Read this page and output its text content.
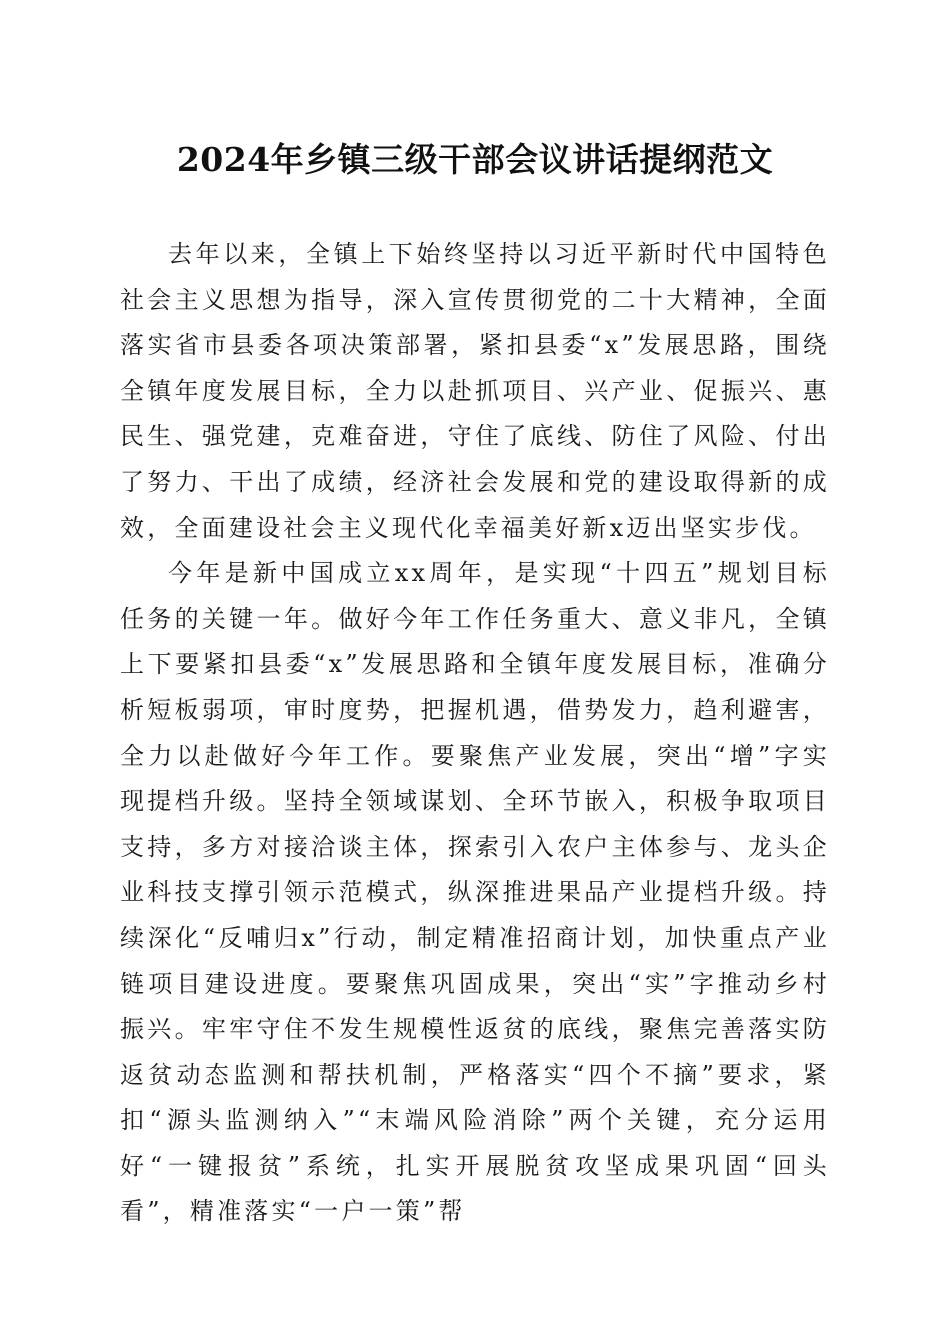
2024年乡镇三级干部会议讲话提纲范文

去年以来，全镇上下始终坚持以习近平新时代中国特色社会主义思想为指导，深入宣传贯彻党的二十大精神，全面落实省市县委各项决策部署，紧扣县委“x”发展思路，围绕全镇年度发展目标，全力以赴抓项目、兴产业、促振兴、惠民生、强党建，克难奋进，守住了底线、防住了风险、付出了努力、干出了成绩，经济社会发展和党的建设取得新的成效，全面建设社会主义现代化幸福美好新x迈出坚实步伐。

今年是新中国成立xx周年，是实现“十四五”规划目标任务的关键一年。做好今年工作任务重大、意义非凡，全镇上下要紧扣县委“x”发展思路和全镇年度发展目标，准确分析短板弱项，审时度势，把握机遇，借势发力，趋利避害，全力以赴做好今年工作。要聚焦产业发展，突出“增”字实现提档升级。坚持全领域谋划、全环节嵌入，积极争取项目支持，多方对接洽谈主体，探索引入农户主体参与、龙头企业科技支撑引领示范模式，纵深推进果品产业提档升级。持续深化“反哺归x”行动，制定精准招商计划，加快重点产业链项目建设进度。要聚焦巩固成果，突出“实”字推动乡村振兴。牢牢守住不发生规模性返贫的底线，聚焦完善落实防返贫动态监测和帮扶机制，严格落实“四个不摘”要求，紧扣“源头监测纳入”“末端风险消除”两个关键，充分运用好“一键报贫”系统，扎实开展脱贫攻坚成果巩固“回头看”，精准落实“一户一策”帮
